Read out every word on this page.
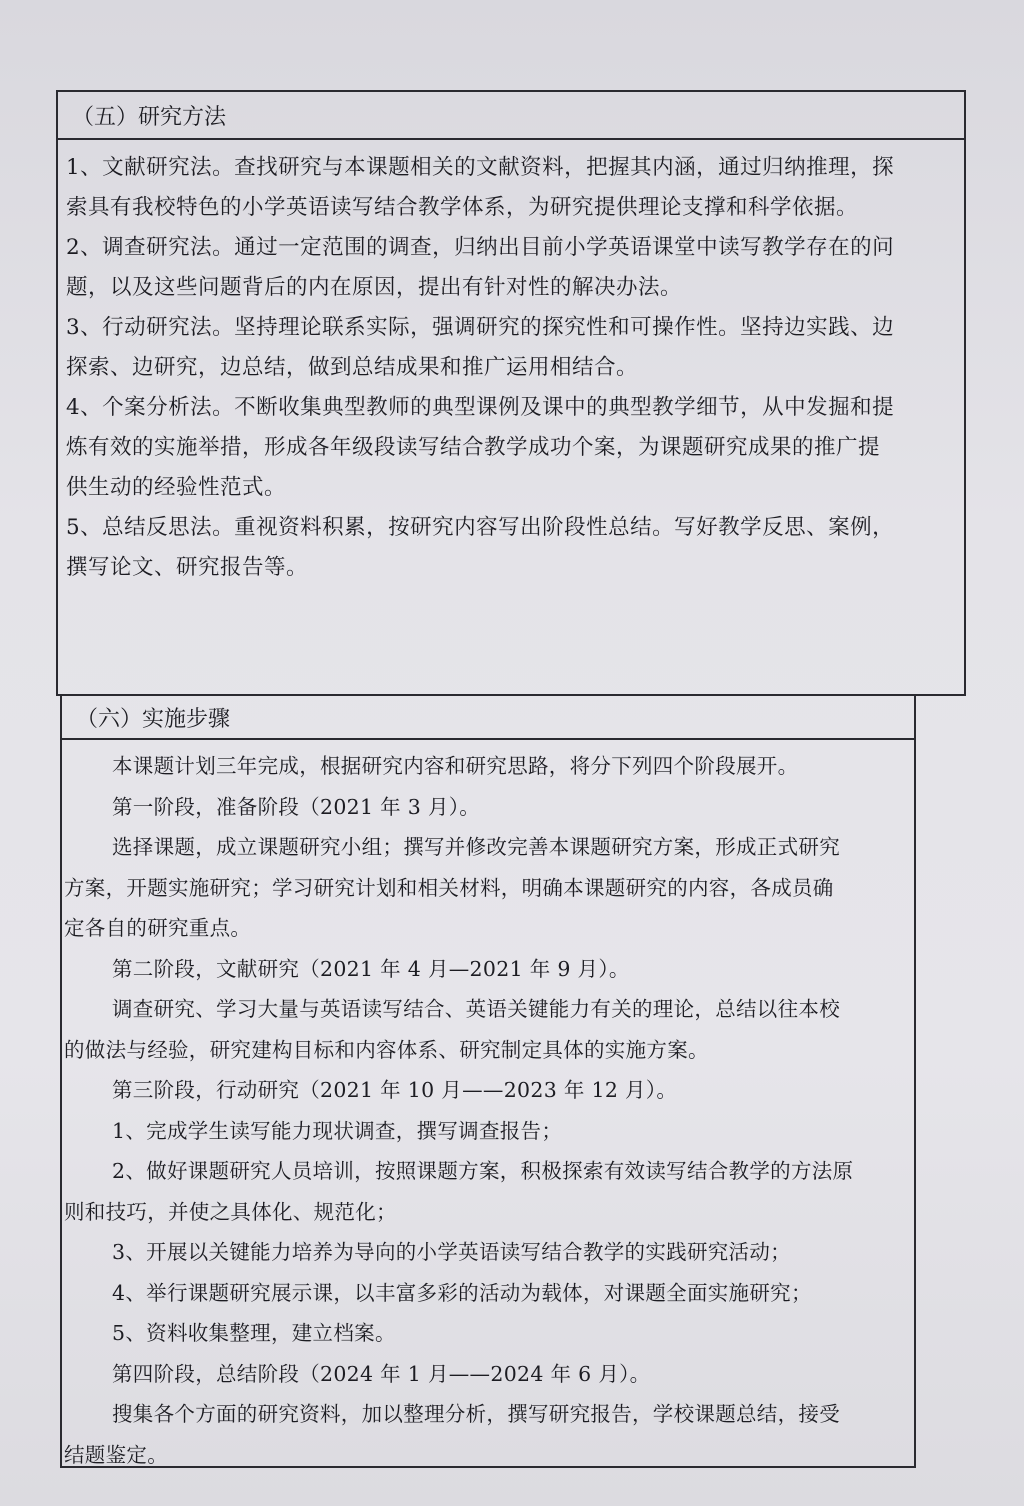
（五）研究方法
1、文献研究法。查找研究与本课题相关的文献资料，把握其内涵，通过归纳推理，探
索具有我校特色的小学英语读写结合教学体系，为研究提供理论支撑和科学依据。
2、调查研究法。通过一定范围的调查，归纳出目前小学英语课堂中读写教学存在的问
题，以及这些问题背后的内在原因，提出有针对性的解决办法。
3、行动研究法。坚持理论联系实际，强调研究的探究性和可操作性。坚持边实践、边
探索、边研究，边总结，做到总结成果和推广运用相结合。
4、个案分析法。不断收集典型教师的典型课例及课中的典型教学细节，从中发掘和提
炼有效的实施举措，形成各年级段读写结合教学成功个案，为课题研究成果的推广提
供生动的经验性范式。
5、总结反思法。重视资料积累，按研究内容写出阶段性总结。写好教学反思、案例，
撰写论文、研究报告等。
（六）实施步骤
本课题计划三年完成，根据研究内容和研究思路，将分下列四个阶段展开。
第一阶段，准备阶段（2021 年 3 月）。
选择课题，成立课题研究小组；撰写并修改完善本课题研究方案，形成正式研究
方案，开题实施研究；学习研究计划和相关材料，明确本课题研究的内容，各成员确
定各自的研究重点。
第二阶段，文献研究（2021 年 4 月—2021 年 9 月）。
调查研究、学习大量与英语读写结合、英语关键能力有关的理论，总结以往本校
的做法与经验，研究建构目标和内容体系、研究制定具体的实施方案。
第三阶段，行动研究（2021 年 10 月——2023 年 12 月）。
1、完成学生读写能力现状调查，撰写调查报告；
2、做好课题研究人员培训，按照课题方案，积极探索有效读写结合教学的方法原
则和技巧，并使之具体化、规范化；
3、开展以关键能力培养为导向的小学英语读写结合教学的实践研究活动；
4、举行课题研究展示课，以丰富多彩的活动为载体，对课题全面实施研究；
5、资料收集整理，建立档案。
第四阶段，总结阶段（2024 年 1 月——2024 年 6 月）。
搜集各个方面的研究资料，加以整理分析，撰写研究报告，学校课题总结，接受
结题鉴定。
